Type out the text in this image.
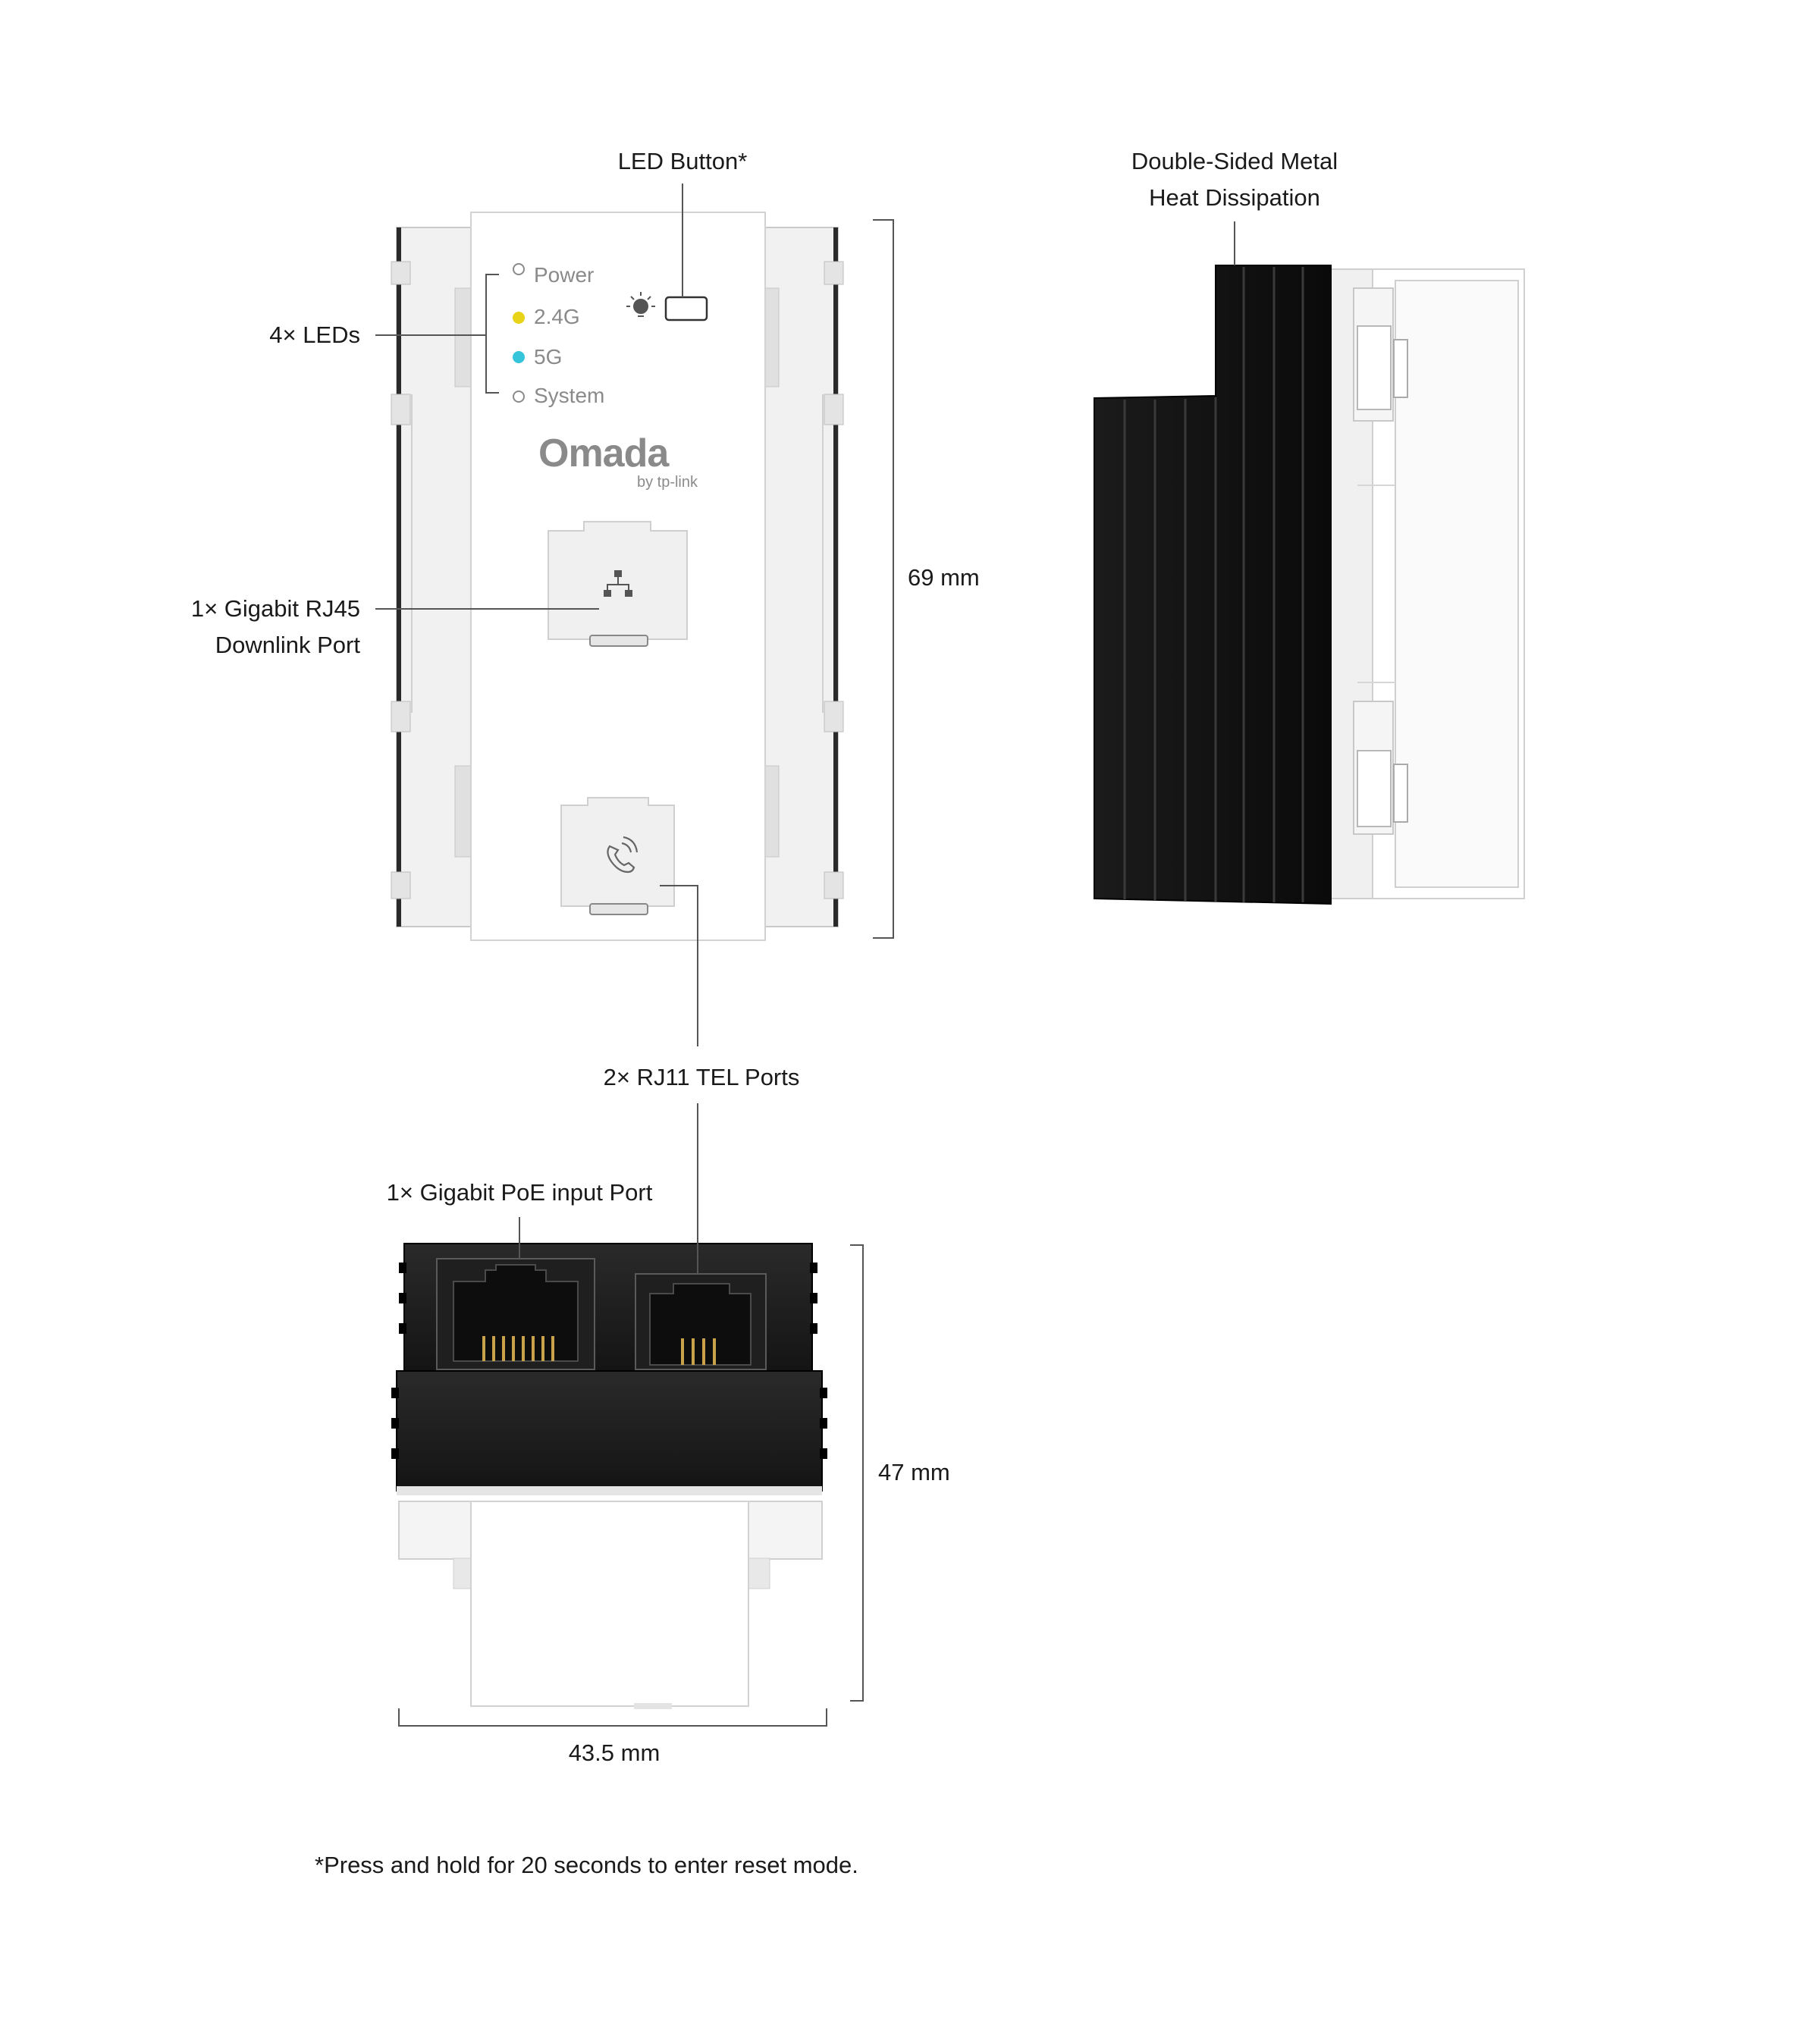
Power
2.4G
5G
System
Omada
by tp-link
LED Button*
4× LEDs
1× Gigabit RJ45
Downlink Port
69 mm
Double-Sided Metal
Heat Dissipation
2× RJ11 TEL Ports
1× Gigabit PoE input Port
47 mm
43.5 mm
*Press and hold for 20 seconds to enter reset mode.
